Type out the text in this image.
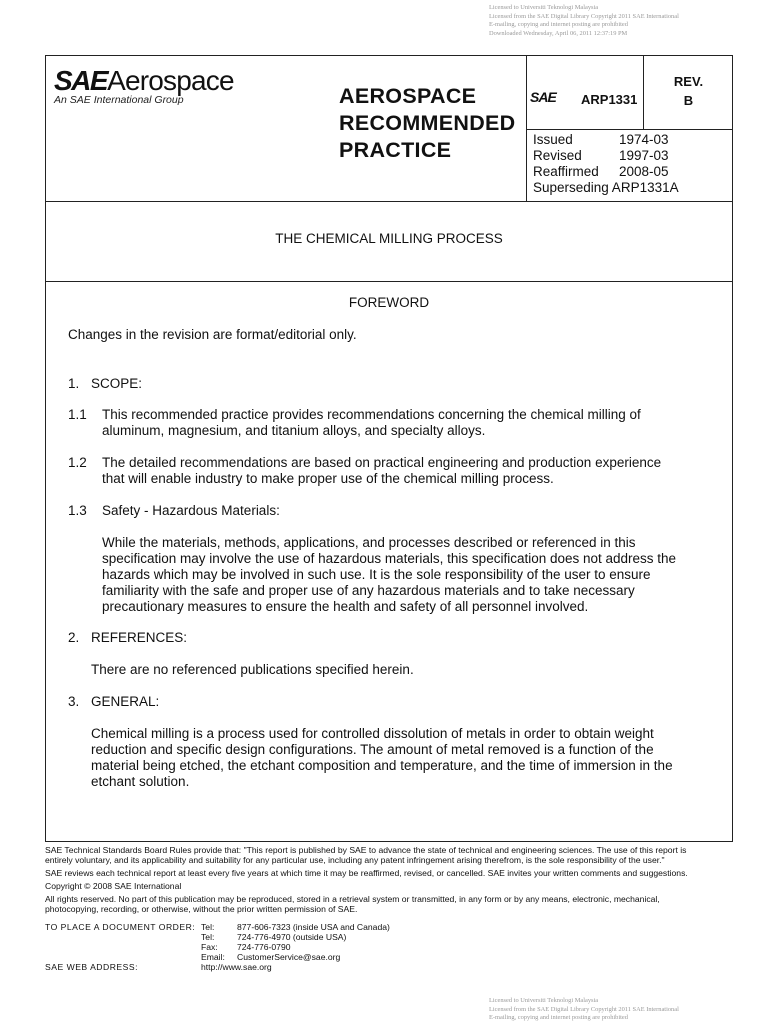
Licensed to Universiti Teknologi Malaysia
Licensed from the SAE Digital Library Copyright 2011 SAE International
E-mailing, copying and internet posting are prohibited
Downloaded Wednesday, April 06, 2011 12:37:19 PM
SAEAerospace
An SAE International Group	AEROSPACE
RECOMMENDED
PRACTICE
SAE ARP1331
REV.
B
Issued	1974-03
Revised	1997-03
Reaffirmed	2008-05
Superseding ARP1331A
THE CHEMICAL MILLING PROCESS
FOREWORD
Changes in the revision are format/editorial only.
1. SCOPE:
1.1 This recommended practice provides recommendations concerning the chemical milling of
aluminum, magnesium, and titanium alloys, and specialty alloys.
1.2 The detailed recommendations are based on practical engineering and production experience
that will enable industry to make proper use of the chemical milling process.
1.3 Safety - Hazardous Materials:
While the materials, methods, applications, and processes described or referenced in this
specification may involve the use of hazardous materials, this specification does not address the
hazards which may be involved in such use. It is the sole responsibility of the user to ensure
familiarity with the safe and proper use of any hazardous materials and to take necessary
precautionary measures to ensure the health and safety of all personnel involved.
2. REFERENCES:
There are no referenced publications specified herein.
3. GENERAL:
Chemical milling is a process used for controlled dissolution of metals in order to obtain weight
reduction and specific design configurations. The amount of metal removed is a function of the
material being etched, the etchant composition and temperature, and the time of immersion in the
etchant solution.
SAE Technical Standards Board Rules provide that: "This report is published by SAE to advance the state of technical and engineering sciences. The use of this report is
entirely voluntary, and its applicability and suitability for any particular use, including any patent infringement arising therefrom, is the sole responsibility of the user."
SAE reviews each technical report at least every five years at which time it may be reaffirmed, revised, or cancelled. SAE invites your written comments and suggestions.
Copyright © 2008 SAE International
All rights reserved. No part of this publication may be reproduced, stored in a retrieval system or transmitted, in any form or by any means, electronic, mechanical,
photocopying, recording, or otherwise, without the prior written permission of SAE.
TO PLACE A DOCUMENT ORDER: Tel:	877-606-7323 (inside USA and Canada)
Tel:	724-776-4970 (outside USA)
Fax:	724-776-0790
Email:	CustomerService@sae.org
SAE WEB ADDRESS:	http://www.sae.org
Licensed to Universiti Teknologi Malaysia
Licensed from the SAE Digital Library Copyright 2011 SAE International
E-mailing, copying and internet posting are prohibited
